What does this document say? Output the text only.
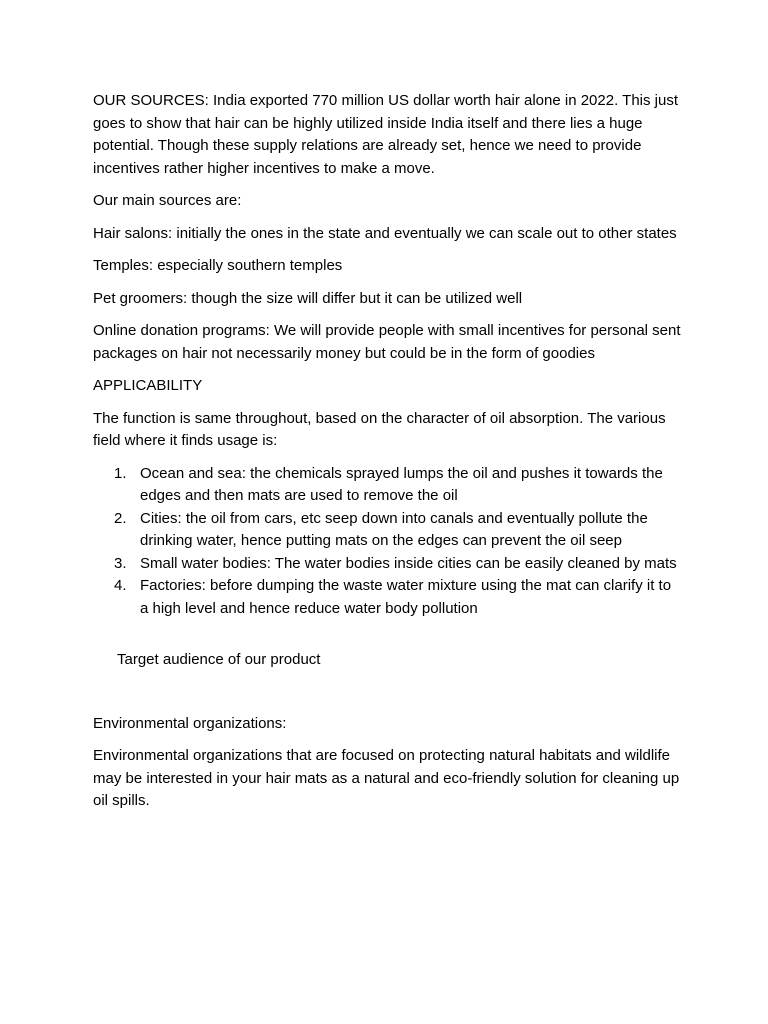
OUR SOURCES: India exported 770 million US dollar worth hair alone in 2022. This just goes to show that hair can be highly utilized inside India itself and there lies a huge potential. Though these supply relations are already set, hence we need to provide incentives rather higher incentives to make a move.

Our main sources are:

Hair salons: initially the ones in the state and eventually we can scale out to other states

Temples: especially southern temples

Pet groomers: though the size will differ but it can be utilized well

Online donation programs: We will provide people with small incentives for personal sent packages on hair not necessarily money but could be in the form of goodies

APPLICABILITY

The function is same throughout, based on the character of oil absorption. The various field where it finds usage is:

1. Ocean and sea: the chemicals sprayed lumps the oil and pushes it towards the edges and then mats are used to remove the oil
2. Cities: the oil from cars, etc seep down into canals and eventually pollute the drinking water, hence putting mats on the edges can prevent the oil seep
3. Small water bodies: The water bodies inside cities can be easily cleaned by mats
4. Factories: before dumping the waste water mixture using the mat can clarify it to a high level and hence reduce water body pollution

Target audience of our product

Environmental organizations:

Environmental organizations that are focused on protecting natural habitats and wildlife may be interested in your hair mats as a natural and eco-friendly solution for cleaning up oil spills.
